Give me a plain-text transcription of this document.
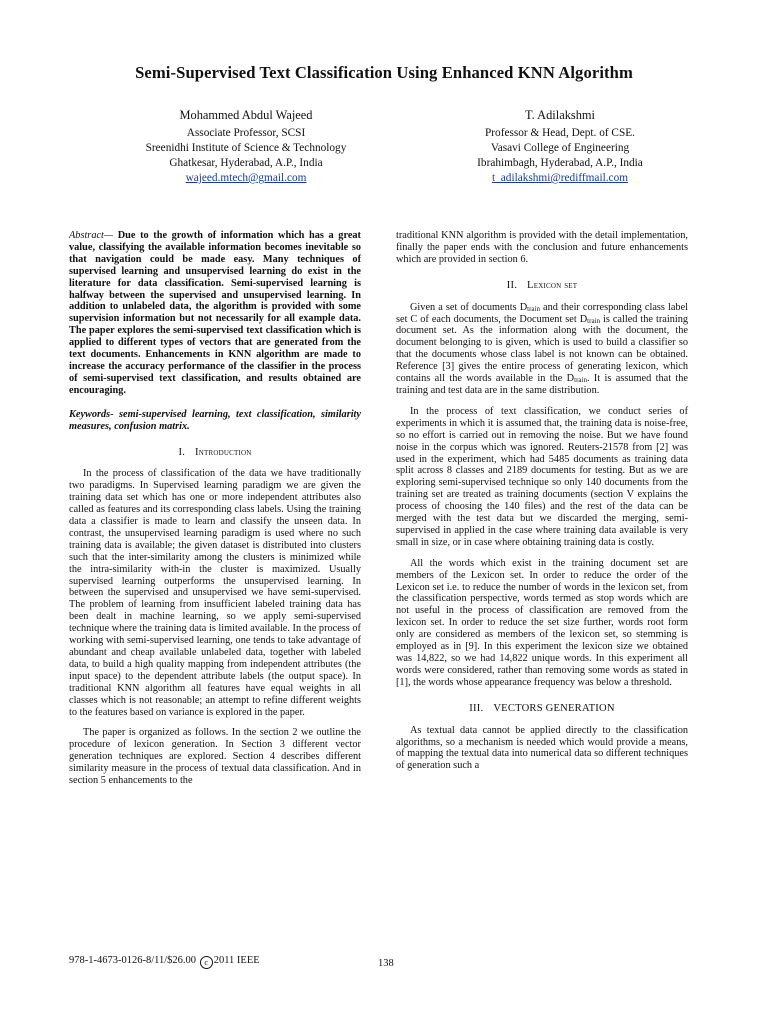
Semi-Supervised Text Classification Using Enhanced KNN Algorithm
Mohammed Abdul Wajeed
Associate Professor, SCSI
Sreenidhi Institute of Science & Technology
Ghatkesar, Hyderabad, A.P., India
wajeed.mtech@gmail.com
T. Adilakshmi
Professor & Head, Dept. of CSE.
Vasavi College of Engineering
Ibrahimbagh, Hyderabad, A.P., India
t_adilakshmi@rediffmail.com

Abstract— Due to the growth of information which has a great value, classifying the available information becomes inevitable so that navigation could be made easy. Many techniques of supervised learning and unsupervised learning do exist in the literature for data classification. Semi-supervised learning is halfway between the supervised and unsupervised learning. In addition to unlabeled data, the algorithm is provided with some supervision information but not necessarily for all example data. The paper explores the semi-supervised text classification which is applied to different types of vectors that are generated from the text documents. Enhancements in KNN algorithm are made to increase the accuracy performance of the classifier in the process of semi-supervised text classification, and results obtained are encouraging.

Keywords- semi-supervised learning, text classification, similarity measures, confusion matrix.

I. Introduction

In the process of classification of the data we have traditionally two paradigms. In Supervised learning paradigm we are given the training data set which has one or more independent attributes also called as features and its corresponding class labels. Using the training data a classifier is made to learn and classify the unseen data. In contrast, the unsupervised learning paradigm is used where no such training data is available; the given dataset is distributed into clusters such that the inter-similarity among the clusters is minimized while the intra-similarity with-in the cluster is maximized. Usually supervised learning outperforms the unsupervised learning. In between the supervised and unsupervised we have semi-supervised. The problem of learning from insufficient labeled training data has been dealt in machine learning, so we apply semi-supervised technique where the training data is limited available. In the process of working with semi-supervised learning, one tends to take advantage of abundant and cheap available unlabeled data, together with labeled data, to build a high quality mapping from independent attributes (the input space) to the dependent attribute labels (the output space). In traditional KNN algorithm all features have equal weights in all classes which is not reasonable; an attempt to refine different weights to the features based on variance is explored in the paper.

The paper is organized as follows. In the section 2 we outline the procedure of lexicon generation. In Section 3 different vector generation techniques are explored. Section 4 describes different similarity measure in the process of textual data classification. And in section 5 enhancements to the

traditional KNN algorithm is provided with the detail implementation, finally the paper ends with the conclusion and future enhancements which are provided in section 6.

II. Lexicon set

Given a set of documents $D_{train}$ and their corresponding class label set C of each documents, the Document set $D_{train}$ is called the training document set. As the information along with the document, the document belonging to is given, which is used to build a classifier so that the documents whose class label is not known can be obtained. Reference [3] gives the entire process of generating lexicon, which contains all the words available in the $D_{train}$. It is assumed that the training and test data are in the same distribution.

In the process of text classification, we conduct series of experiments in which it is assumed that, the training data is noise-free, so no effort is carried out in removing the noise. But we have found noise in the corpus which was ignored. Reuters-21578 from [2] was used in the experiment, which had 5485 documents as training data split across 8 classes and 2189 documents for testing. But as we are exploring semi-supervised technique so only 140 documents from the training set are treated as training documents (section V explains the process of choosing the 140 files) and the rest of the data can be merged with the test data but we discarded the merging, semi-supervised in applied in the case where training data available is very small in size, or in case where obtaining training data is costly.

All the words which exist in the training document set are members of the Lexicon set. In order to reduce the order of the Lexicon set i.e. to reduce the number of words in the lexicon set, from the classification perspective, words termed as stop words which are not useful in the process of classification are removed from the lexicon set. In order to reduce the set size further, words root form only are considered as members of the lexicon set, so stemming is employed as in [9]. In this experiment the lexicon size we obtained was 14,822, so we had 14,822 unique words. In this experiment all words were considered, rather than removing some words as stated in [1], the words whose appearance frequency was below a threshold.

III. VECTORS GENERATION

As textual data cannot be applied directly to the classification algorithms, so a mechanism is needed which would provide a means, of mapping the textual data into numerical data so different techniques of generation such a

978-1-4673-0126-8/11/$26.00 c 2011 IEEE	138
